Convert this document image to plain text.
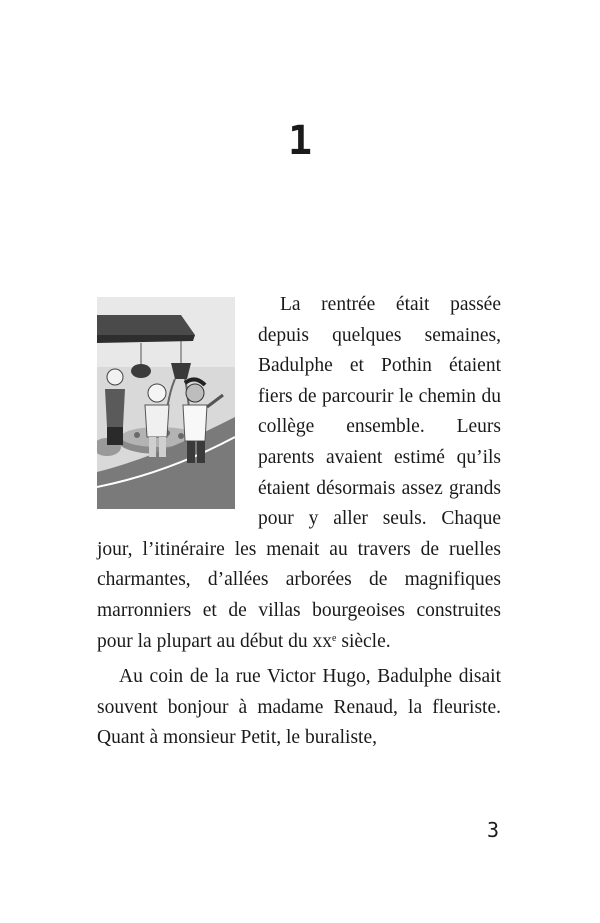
1

La rentrée était passée depuis quelques semaines, Badulphe et Pothin étaient fiers de parcourir le chemin du collège ensemble. Leurs parents avaient estimé qu’ils étaient désormais assez grands pour y aller seuls. Chaque jour, l’itinéraire les menait au travers de ruelles charmantes, d’allées arborées de magnifiques marronniers et de villas bourgeoises construites pour la plupart au début du $xx^e$ siècle.

Au coin de la rue Victor Hugo, Badulphe disait souvent bonjour à madame Renaud, la fleuriste. Quant à monsieur Petit, le buraliste,

3
